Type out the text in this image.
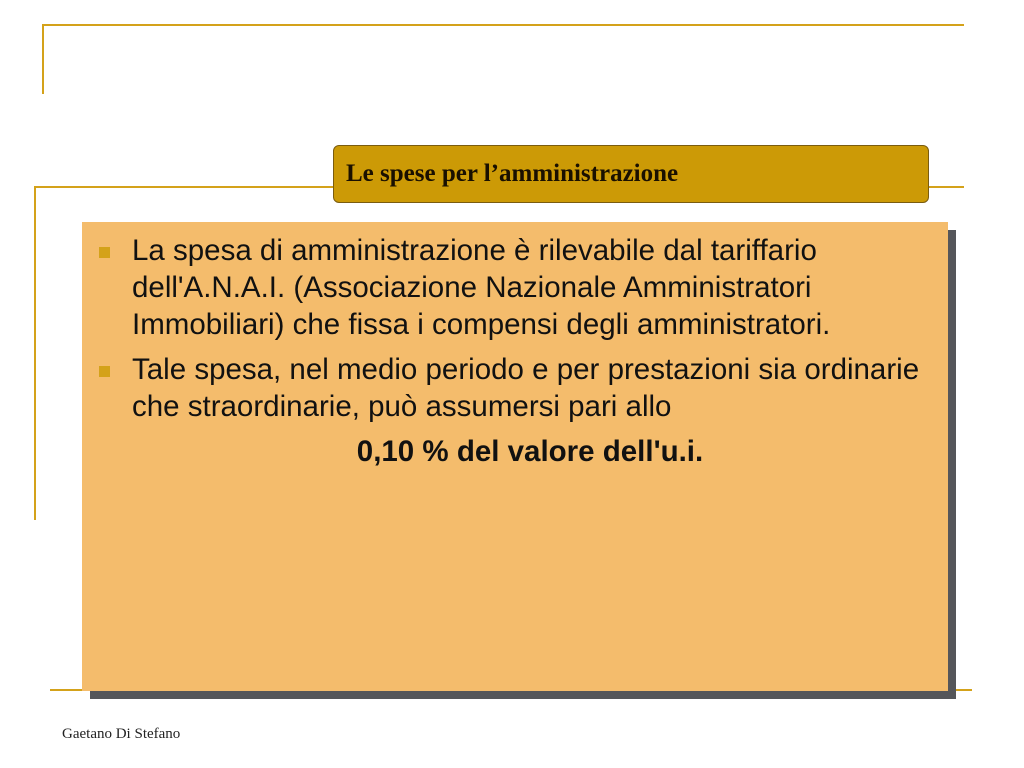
Le spese per l’amministrazione
La spesa di amministrazione è rilevabile dal tariffario dell'A.N.A.I. (Associazione Nazionale Amministratori Immobiliari) che fissa i compensi degli amministratori.
Tale spesa, nel medio periodo e per prestazioni sia ordinarie che straordinarie, può assumersi pari allo
0,10 % del valore dell'u.i.
Gaetano Di Stefano
